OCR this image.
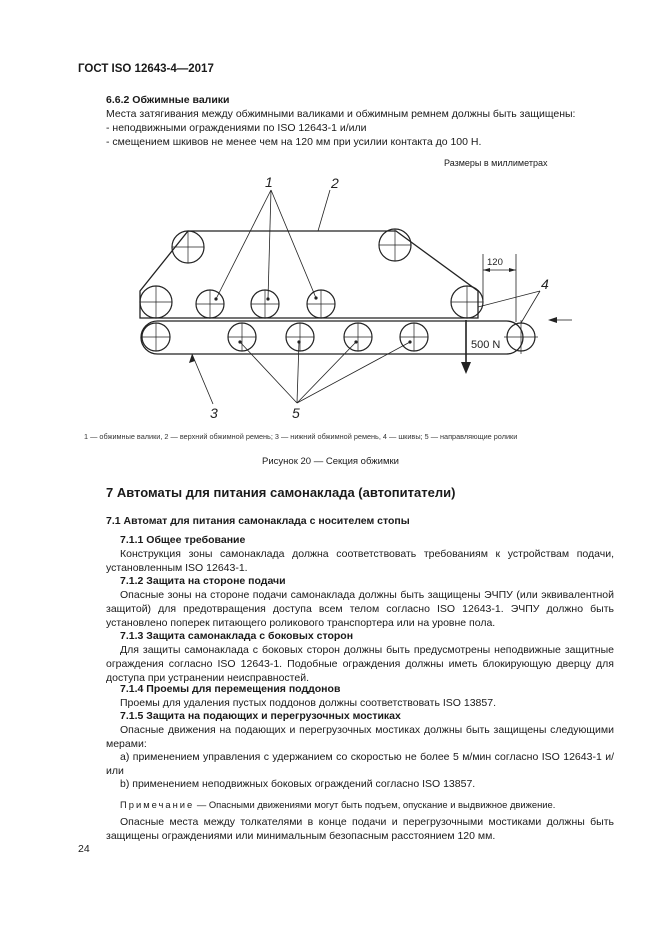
ГОСТ ISO 12643-4—2017
6.6.2 Обжимные валики
Места затягивания между обжимными валиками и обжимным ремнем должны быть защищены:
- неподвижными ограждениями по ISO 12643-1 и/или
- смещением шкивов не менее чем на 120 мм при усилии контакта до 100 Н.
Размеры в миллиметрах
1	2
3
4
5
120
500 N
1 — обжимные валики, 2 — верхний обжимной ремень; 3 — нижний обжимной ремень, 4 — шкивы; 5 — направляющие ролики
Рисунок 20 — Секция обжимки
7 Автоматы для питания самонаклада (автопитатели)
7.1 Автомат для питания самонаклада с носителем стопы
7.1.1 Общее требование
Конструкция зоны самонаклада должна соответствовать требованиям к устройствам подачи, установленным ISO 12643-1.
7.1.2 Защита на стороне подачи
Опасные зоны на стороне подачи самонаклада должны быть защищены ЭЧПУ (или эквивалентной защитой) для предотвращения доступа всем телом согласно ISO 12643-1. ЭЧПУ должно быть установлено поперек питающего роликового транспортера или на уровне пола.
7.1.3 Защита самонаклада с боковых сторон
Для защиты самонаклада с боковых сторон должны быть предусмотрены неподвижные защитные ограждения согласно ISO 12643-1. Подобные ограждения должны иметь блокирующую дверцу для доступа при устранении неисправностей.
7.1.4 Проемы для перемещения поддонов
Проемы для удаления пустых поддонов должны соответствовать ISO 13857.
7.1.5 Защита на подающих и перегрузочных мостиках
Опасные движения на подающих и перегрузочных мостиках должны быть защищены следующими мерами:
a) применением управления с удержанием со скоростью не более 5 м/мин согласно ISO 12643-1 и/или
b) применением неподвижных боковых ограждений согласно ISO 13857.
Примечание — Опасными движениями могут быть подъем, опускание и выдвижное движение.
Опасные места между толкателями в конце подачи и перегрузочными мостиками должны быть защищены ограждениями или минимальным безопасным расстоянием 120 мм.
24
